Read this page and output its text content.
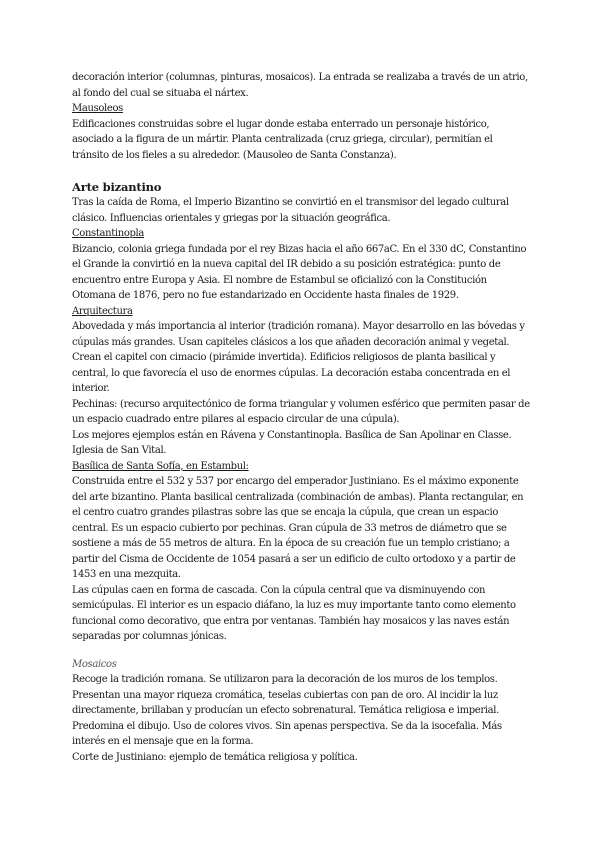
decoración interior (columnas, pinturas, mosaicos). La entrada se realizaba a través de un atrio, al fondo del cual se situaba el nártex.

Mausoleos

Edificaciones construidas sobre el lugar donde estaba enterrado un personaje histórico, asociado a la figura de un mártir. Planta centralizada (cruz griega, circular), permitían el tránsito de los fieles a su alrededor. (Mausoleo de Santa Constanza).

Arte bizantino

Tras la caída de Roma, el Imperio Bizantino se convirtió en el transmisor del legado cultural clásico. Influencias orientales y griegas por la situación geográfica.

Constantinopla

Bizancio, colonia griega fundada por el rey Bizas hacia el año 667aC. En el 330 dC, Constantino el Grande la convirtió en la nueva capital del IR debido a su posición estratégica: punto de encuentro entre Europa y Asia. El nombre de Estambul se oficializó con la Constitución Otomana de 1876, pero no fue estandarizado en Occidente hasta finales de 1929.

Arquitectura

Abovedada y más importancia al interior (tradición romana). Mayor desarrollo en las bóvedas y cúpulas más grandes. Usan capiteles clásicos a los que añaden decoración animal y vegetal. Crean el capitel con cimacio (pirámide invertida). Edificios religiosos de planta basilical y central, lo que favorecía el uso de enormes cúpulas. La decoración estaba concentrada en el interior.

Pechinas: (recurso arquitectónico de forma triangular y volumen esférico que permiten pasar de un espacio cuadrado entre pilares al espacio circular de una cúpula).

Los mejores ejemplos están en Rávena y Constantinopla. Basílica de San Apolinar en Classe. Iglesia de San Vital.

Basílica de Santa Sofía, en Estambul:

Construida entre el 532 y 537 por encargo del emperador Justiniano. Es el máximo exponente del arte bizantino. Planta basilical centralizada (combinación de ambas). Planta rectangular, en el centro cuatro grandes pilastras sobre las que se encaja la cúpula, que crean un espacio central. Es un espacio cubierto por pechinas. Gran cúpula de 33 metros de diámetro que se sostiene a más de 55 metros de altura. En la época de su creación fue un templo cristiano; a partir del Cisma de Occidente de 1054 pasará a ser un edificio de culto ortodoxo y a partir de 1453 en una mezquita.

Las cúpulas caen en forma de cascada. Con la cúpula central que va disminuyendo con semicúpulas. El interior es un espacio diáfano, la luz es muy importante tanto como elemento funcional como decorativo, que entra por ventanas. También hay mosaicos y las naves están separadas por columnas jónicas.

Mosaicos

Recoge la tradición romana. Se utilizaron para la decoración de los muros de los templos. Presentan una mayor riqueza cromática, teselas cubiertas con pan de oro. Al incidir la luz directamente, brillaban y producían un efecto sobrenatural. Temática religiosa e imperial. Predomina el dibujo. Uso de colores vivos. Sin apenas perspectiva. Se da la isocefalia. Más interés en el mensaje que en la forma.

Corte de Justiniano: ejemplo de temática religiosa y política.
